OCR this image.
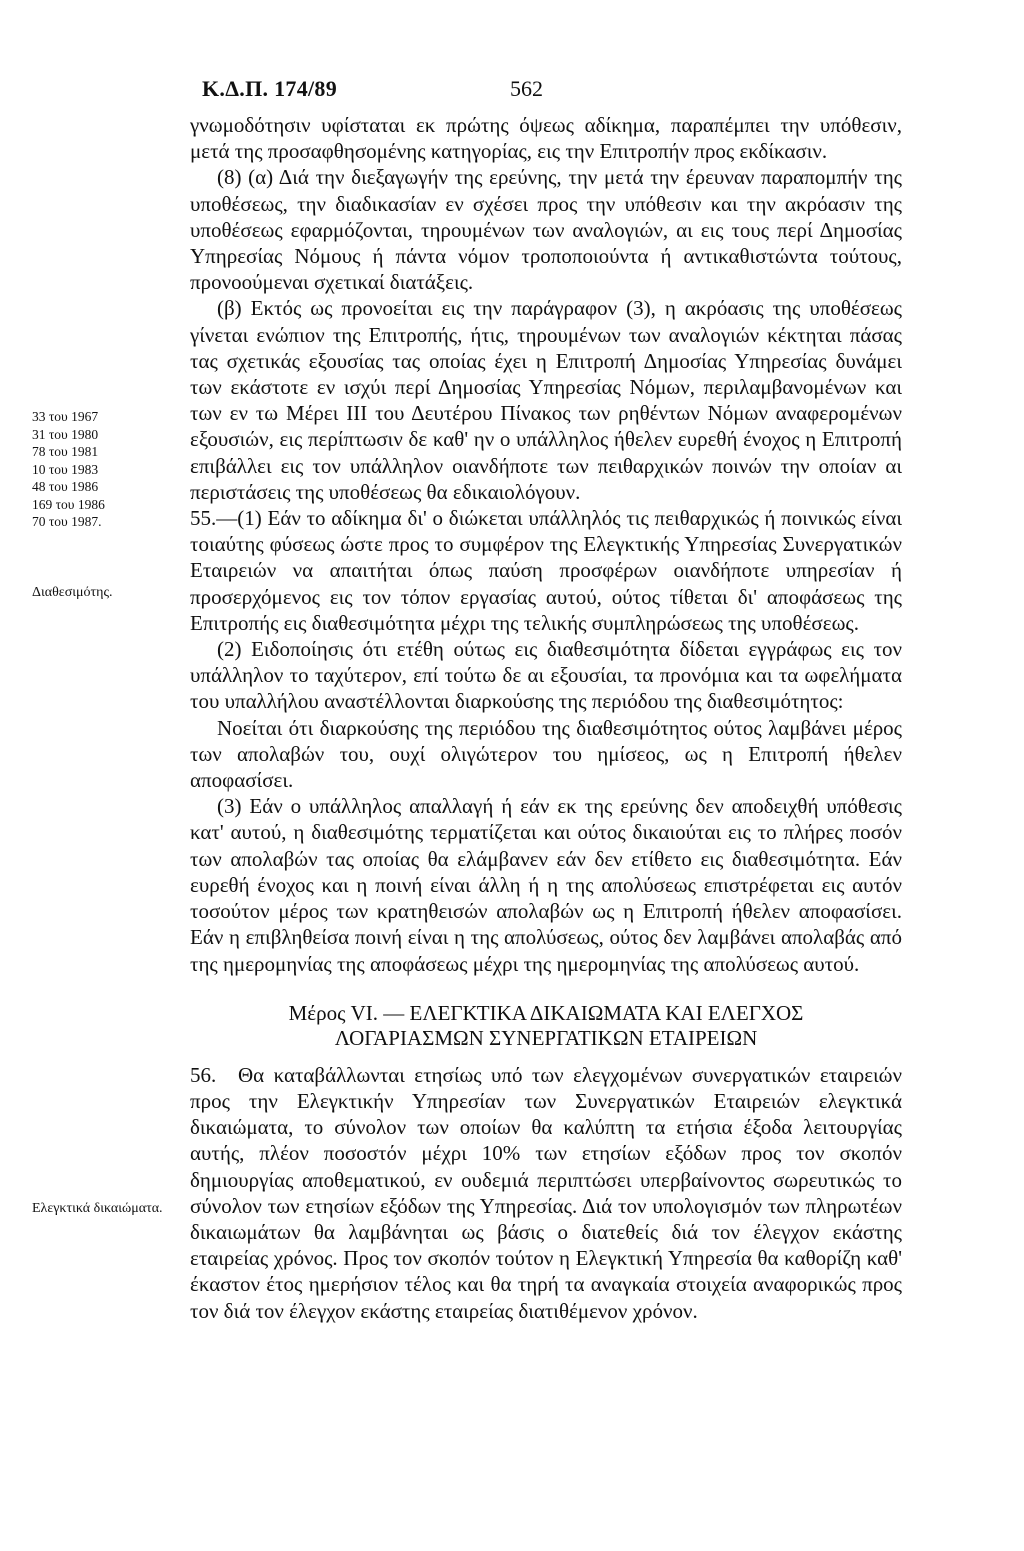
Κ.Δ.Π. 174/89	562
33 του 1967
31 του 1980
78 του 1981
10 του 1983
48 του 1986
169 του 1986
70 του 1987.
Διαθεσιμότης.
Ελεγκτικά δικαιώματα.

γνωμοδότησιν υφίσταται εκ πρώτης όψεως αδίκημα, παραπέμπει την υπόθεσιν, μετά της προσαφθησομένης κατηγορίας, εις την Επιτροπήν προς εκδίκασιν.

(8) (α) Διά την διεξαγωγήν της ερεύνης, την μετά την έρευναν παραπομπήν της υποθέσεως, την διαδικασίαν εν σχέσει προς την υπόθεσιν και την ακρόασιν της υποθέσεως εφαρμόζονται, τηρουμένων των αναλογιών, αι εις τους περί Δημοσίας Υπηρεσίας Νόμους ή πάντα νόμον τροποποιούντα ή αντικαθιστώντα τούτους, προνοούμεναι σχετικαί διατάξεις.

(β) Εκτός ως προνοείται εις την παράγραφον (3), η ακρόασις της υποθέσεως γίνεται ενώπιον της Επιτροπής, ήτις, τηρουμένων των αναλογιών κέκτηται πάσας τας σχετικάς εξουσίας τας οποίας έχει η Επιτροπή Δημοσίας Υπηρεσίας δυνάμει των εκάστοτε εν ισχύι περί Δημοσίας Υπηρεσίας Νόμων, περιλαμβανομένων και των εν τω Μέρει ΙΙΙ του Δευτέρου Πίνακος των ρηθέντων Νόμων αναφερομένων εξουσιών, εις περίπτωσιν δε καθ' ην ο υπάλληλος ήθελεν ευρεθή ένοχος η Επιτροπή επιβάλλει εις τον υπάλληλον οιανδήποτε των πειθαρχικών ποινών την οποίαν αι περιστάσεις της υποθέσεως θα εδικαιολόγουν.

55.—(1) Εάν το αδίκημα δι' ο διώκεται υπάλληλός τις πειθαρχικώς ή ποινικώς είναι τοιαύτης φύσεως ώστε προς το συμφέρον της Ελεγκτικής Υπηρεσίας Συνεργατικών Εταιρειών να απαιτήται όπως παύση προσφέρων οιανδήποτε υπηρεσίαν ή προσερχόμενος εις τον τόπον εργασίας αυτού, ούτος τίθεται δι' αποφάσεως της Επιτροπής εις διαθεσιμότητα μέχρι της τελικής συμπληρώσεως της υποθέσεως.

(2) Ειδοποίησις ότι ετέθη ούτως εις διαθεσιμότητα δίδεται εγγράφως εις τον υπάλληλον το ταχύτερον, επί τούτω δε αι εξουσίαι, τα προνόμια και τα ωφελήματα του υπαλλήλου αναστέλλονται διαρκούσης της περιόδου της διαθεσιμότητος:

Νοείται ότι διαρκούσης της περιόδου της διαθεσιμότητος ούτος λαμβάνει μέρος των απολαβών του, ουχί ολιγώτερον του ημίσεος, ως η Επιτροπή ήθελεν αποφασίσει.

(3) Εάν ο υπάλληλος απαλλαγή ή εάν εκ της ερεύνης δεν αποδειχθή υπόθεσις κατ' αυτού, η διαθεσιμότης τερματίζεται και ούτος δικαιούται εις το πλήρες ποσόν των απολαβών τας οποίας θα ελάμβανεν εάν δεν ετίθετο εις διαθεσιμότητα. Εάν ευρεθή ένοχος και η ποινή είναι άλλη ή η της απολύσεως επιστρέφεται εις αυτόν τοσούτον μέρος των κρατηθεισών απολαβών ως η Επιτροπή ήθελεν αποφασίσει. Εάν η επιβληθείσα ποινή είναι η της απολύσεως, ούτος δεν λαμβάνει απολαβάς από της ημερομηνίας της αποφάσεως μέχρι της ημερομηνίας της απολύσεως αυτού.

Μέρος VI. — ΕΛΕΓΚΤΙΚΑ ΔΙΚΑΙΩΜΑΤΑ ΚΑΙ ΕΛΕΓΧΟΣ
ΛΟΓΑΡΙΑΣΜΩΝ ΣΥΝΕΡΓΑΤΙΚΩΝ ΕΤΑΙΡΕΙΩΝ

56. Θα καταβάλλωνται ετησίως υπό των ελεγχομένων συνεργατικών εταιρειών προς την Ελεγκτικήν Υπηρεσίαν των Συνεργατικών Εταιρειών ελεγκτικά δικαιώματα, το σύνολον των οποίων θα καλύπτη τα ετήσια έξοδα λειτουργίας αυτής, πλέον ποσοστόν μέχρι 10% των ετησίων εξόδων προς τον σκοπόν δημιουργίας αποθεματικού, εν ουδεμιά περιπτώσει υπερβαίνοντος σωρευτικώς το σύνολον των ετησίων εξόδων της Υπηρεσίας. Διά τον υπολογισμόν των πληρωτέων δικαιωμάτων θα λαμβάνηται ως βάσις ο διατεθείς διά τον έλεγχον εκάστης εταιρείας χρόνος. Προς τον σκοπόν τούτον η Ελεγκτική Υπηρεσία θα καθορίζη καθ' έκαστον έτος ημερήσιον τέλος και θα τηρή τα αναγκαία στοιχεία αναφορικώς προς τον διά τον έλεγχον εκάστης εταιρείας διατιθέμενον χρόνον.
